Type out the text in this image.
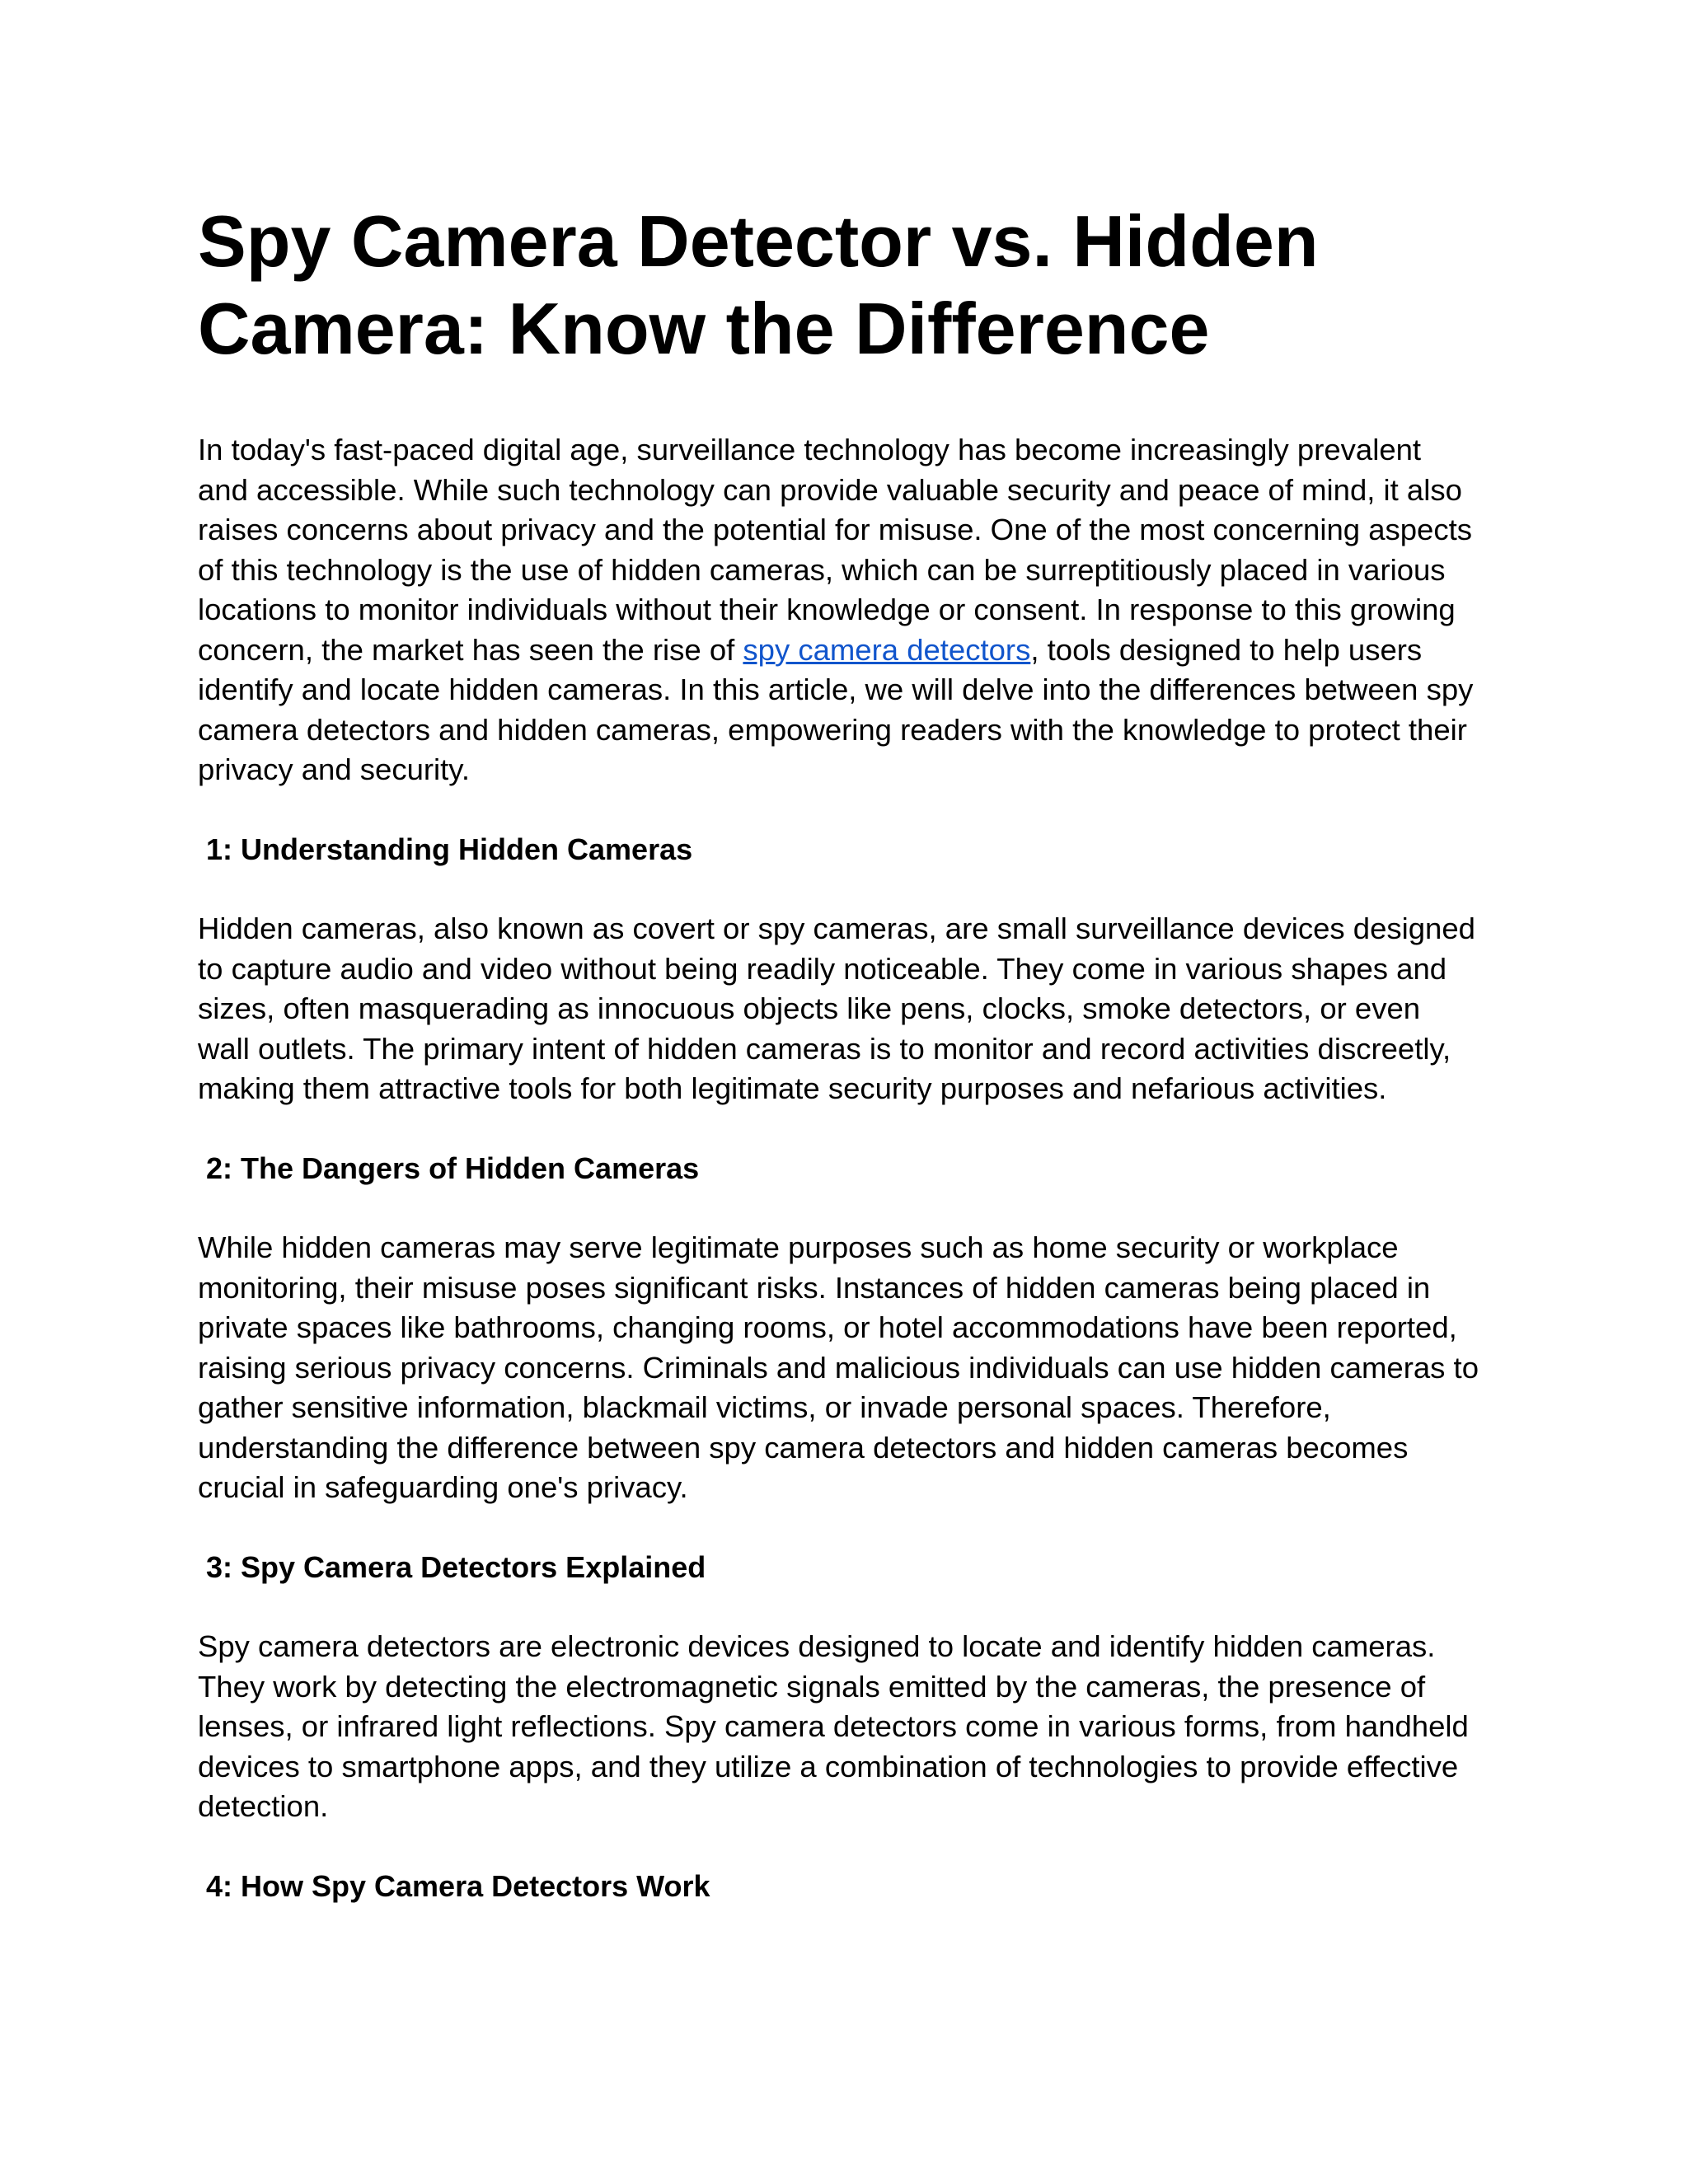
Spy Camera Detector vs. Hidden
Camera: Know the Difference

In today's fast-paced digital age, surveillance technology has become increasingly prevalent
and accessible. While such technology can provide valuable security and peace of mind, it also
raises concerns about privacy and the potential for misuse. One of the most concerning aspects
of this technology is the use of hidden cameras, which can be surreptitiously placed in various
locations to monitor individuals without their knowledge or consent. In response to this growing
concern, the market has seen the rise of spy camera detectors, tools designed to help users
identify and locate hidden cameras. In this article, we will delve into the differences between spy
camera detectors and hidden cameras, empowering readers with the knowledge to protect their
privacy and security.

1: Understanding Hidden Cameras

Hidden cameras, also known as covert or spy cameras, are small surveillance devices designed
to capture audio and video without being readily noticeable. They come in various shapes and
sizes, often masquerading as innocuous objects like pens, clocks, smoke detectors, or even
wall outlets. The primary intent of hidden cameras is to monitor and record activities discreetly,
making them attractive tools for both legitimate security purposes and nefarious activities.

2: The Dangers of Hidden Cameras

While hidden cameras may serve legitimate purposes such as home security or workplace
monitoring, their misuse poses significant risks. Instances of hidden cameras being placed in
private spaces like bathrooms, changing rooms, or hotel accommodations have been reported,
raising serious privacy concerns. Criminals and malicious individuals can use hidden cameras to
gather sensitive information, blackmail victims, or invade personal spaces. Therefore,
understanding the difference between spy camera detectors and hidden cameras becomes
crucial in safeguarding one's privacy.

3: Spy Camera Detectors Explained

Spy camera detectors are electronic devices designed to locate and identify hidden cameras.
They work by detecting the electromagnetic signals emitted by the cameras, the presence of
lenses, or infrared light reflections. Spy camera detectors come in various forms, from handheld
devices to smartphone apps, and they utilize a combination of technologies to provide effective
detection.

4: How Spy Camera Detectors Work
